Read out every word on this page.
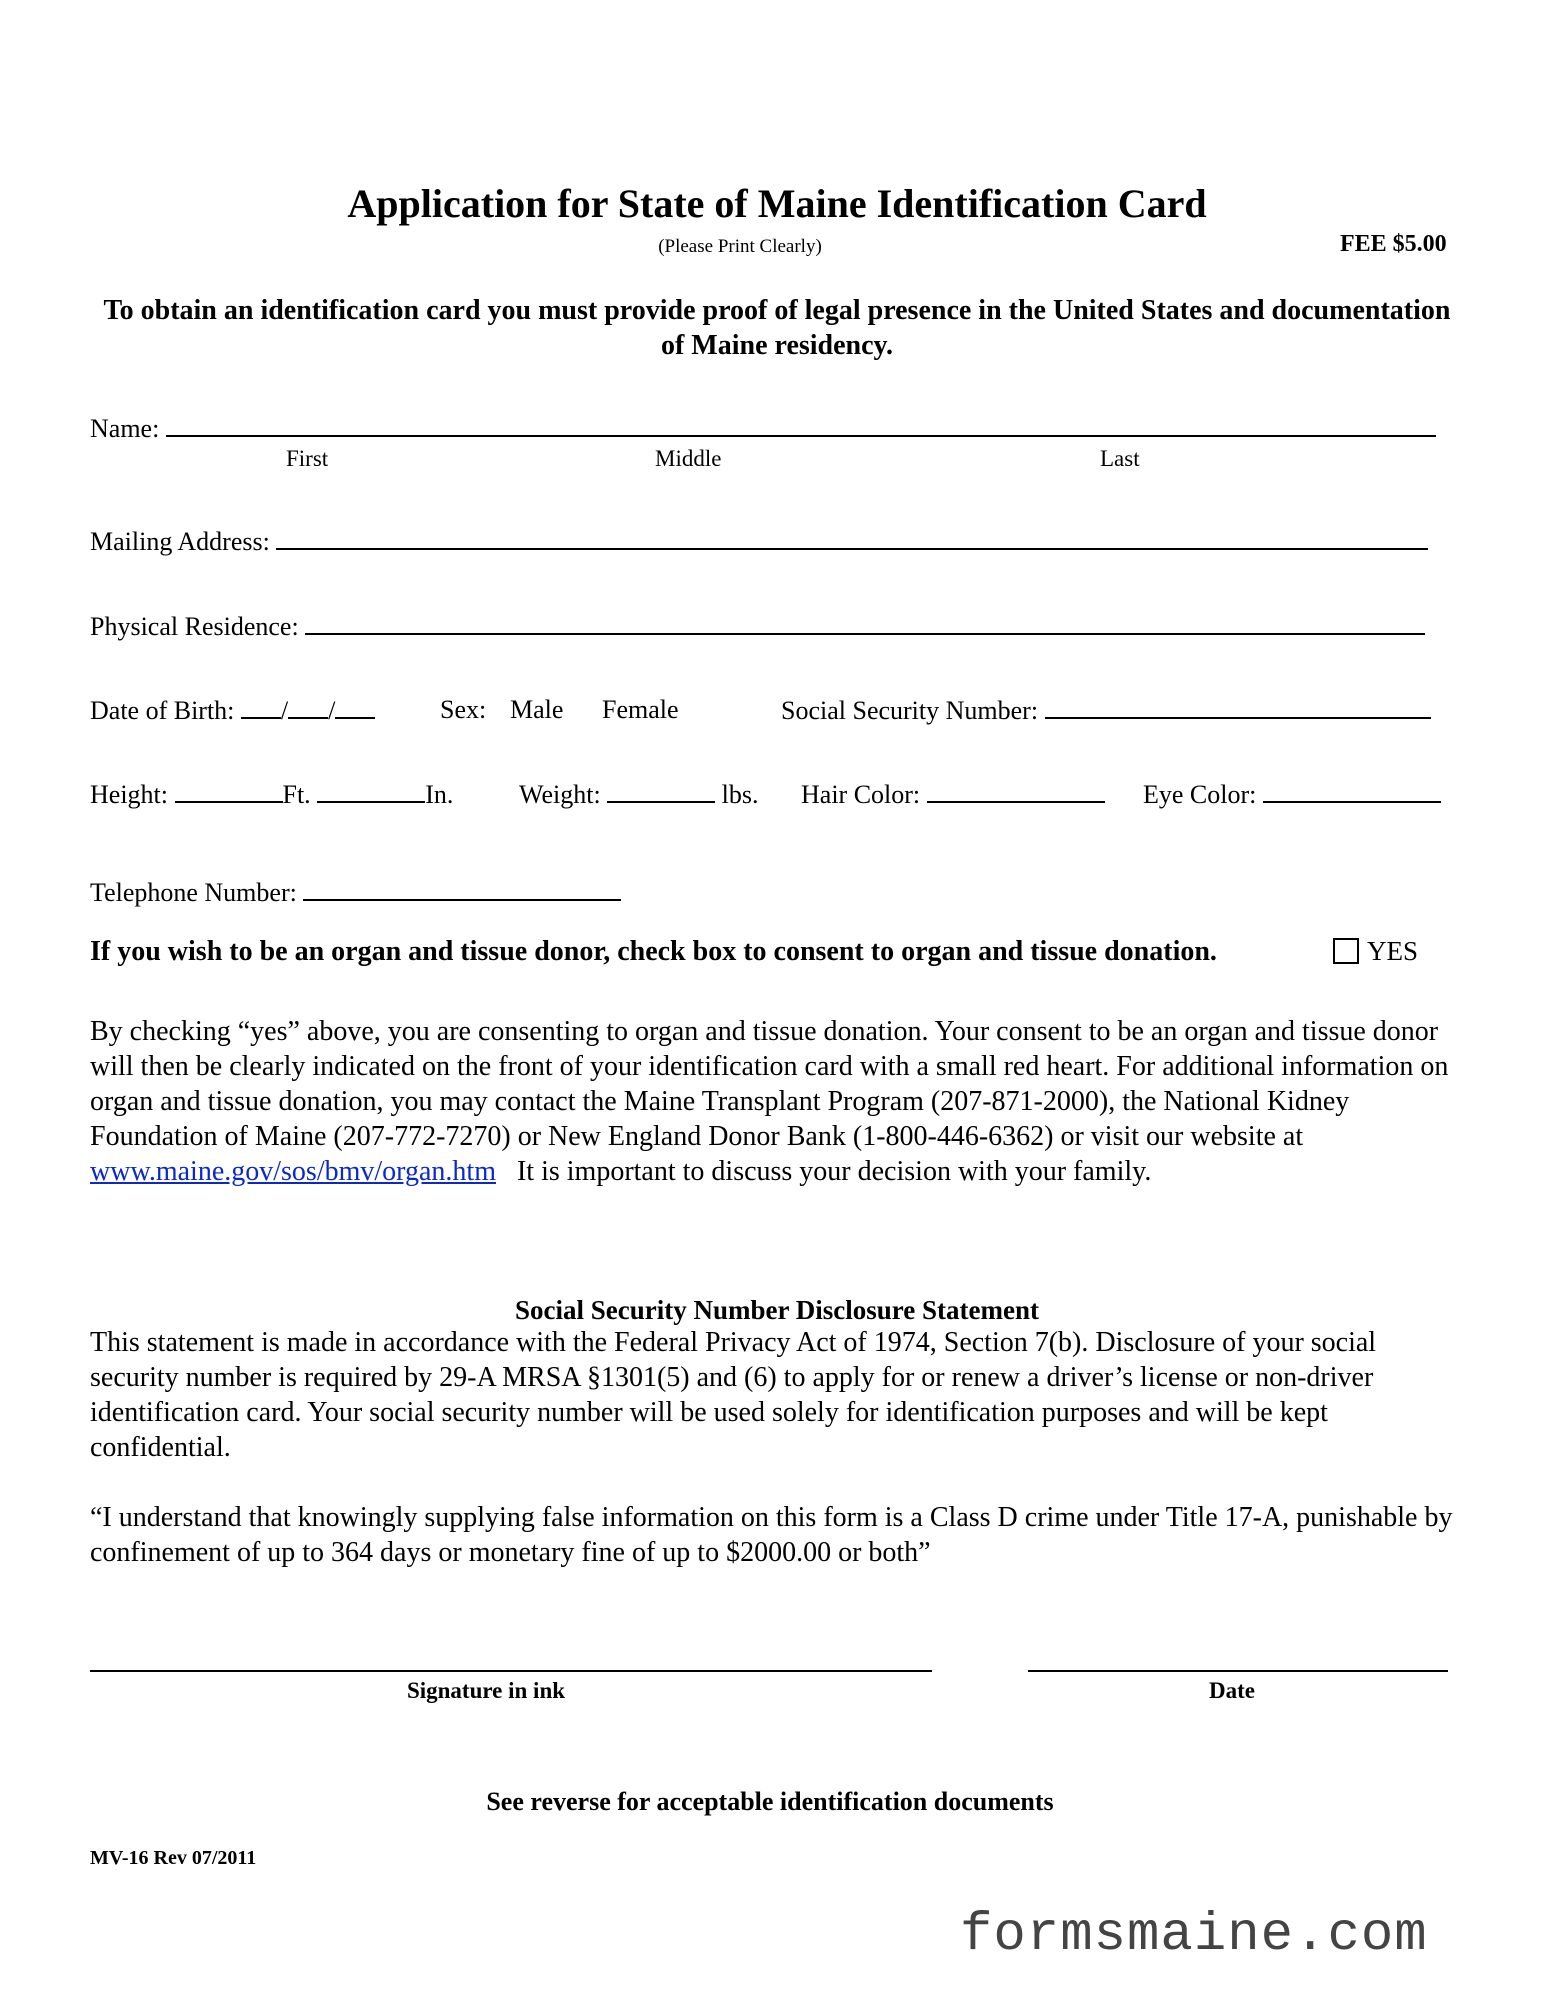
Application for State of Maine Identification Card
(Please Print Clearly)	FEE $5.00
To obtain an identification card you must provide proof of legal presence in the United States and documentation of Maine residency.
Name:
First	Middle	Last
Mailing Address:
Physical Residence:
Date of Birth: / /	Sex: Male Female	Social Security Number:
Height:	Ft.	In.	Weight:	lbs. Hair Color:	Eye Color:
Telephone Number:
If you wish to be an organ and tissue donor, check box to consent to organ and tissue donation.	YES
By checking “yes” above, you are consenting to organ and tissue donation. Your consent to be an organ and tissue donor will then be clearly indicated on the front of your identification card with a small red heart. For additional information on organ and tissue donation, you may contact the Maine Transplant Program (207-871-2000), the National Kidney Foundation of Maine (207-772-7270) or New England Donor Bank (1-800-446-6362) or visit our website at www.maine.gov/sos/bmv/organ.htm It is important to discuss your decision with your family.
Social Security Number Disclosure Statement
This statement is made in accordance with the Federal Privacy Act of 1974, Section 7(b). Disclosure of your social security number is required by 29-A MRSA §1301(5) and (6) to apply for or renew a driver’s license or non-driver identification card. Your social security number will be used solely for identification purposes and will be kept confidential.
“I understand that knowingly supplying false information on this form is a Class D crime under Title 17-A, punishable by confinement of up to 364 days or monetary fine of up to $2000.00 or both”
Signature in ink	Date
See reverse for acceptable identification documents
MV-16 Rev 07/2011
formsmaine.com
